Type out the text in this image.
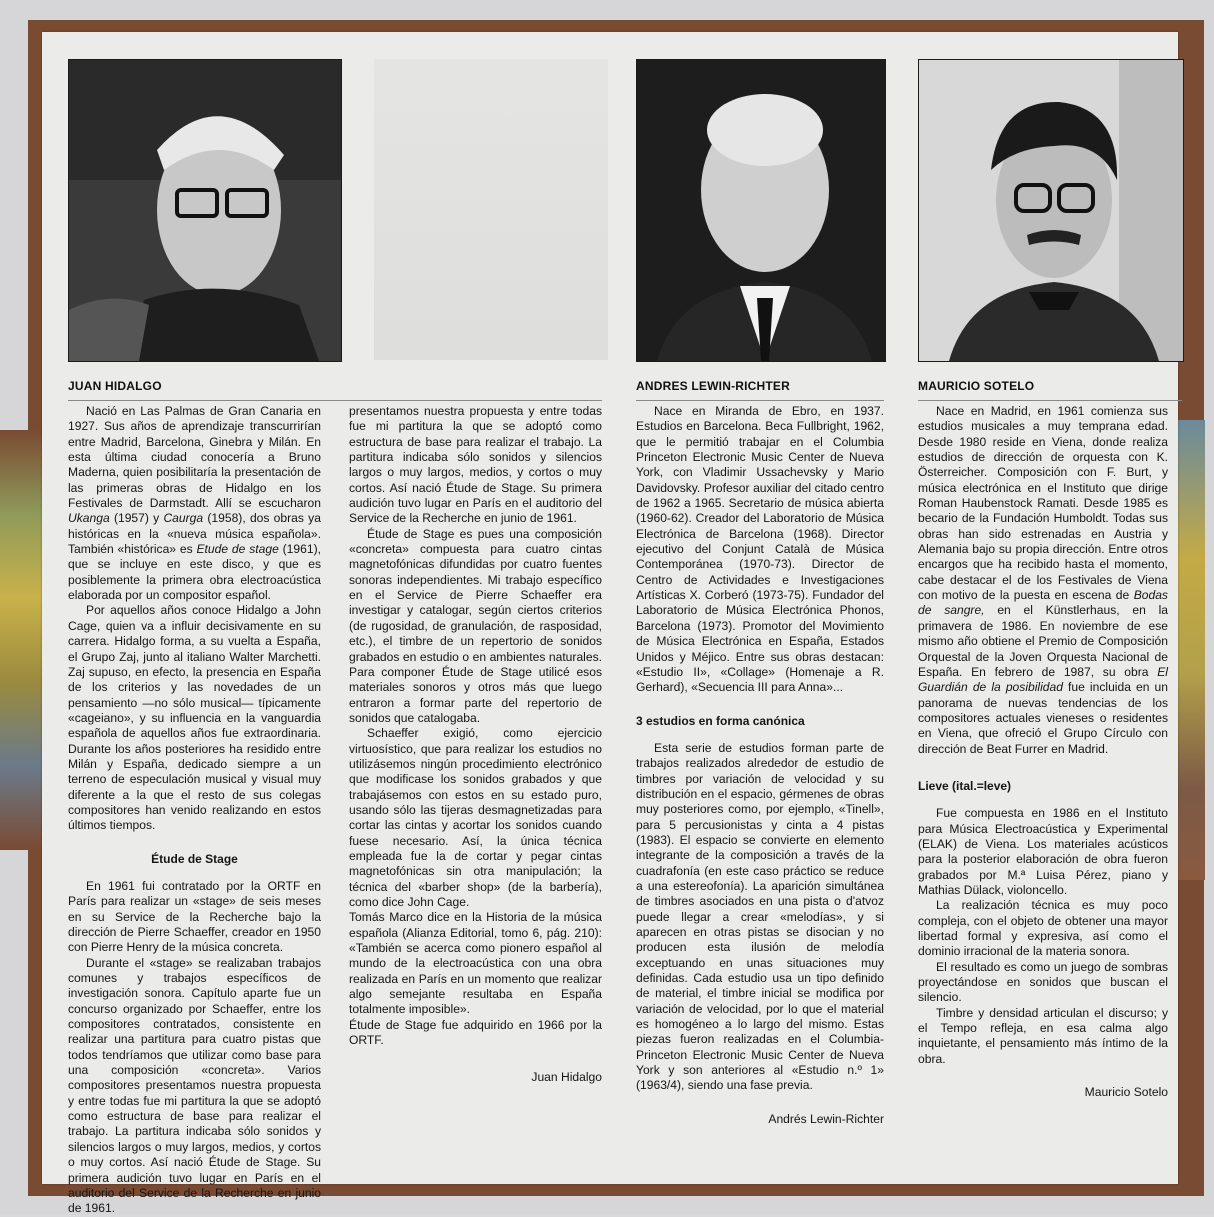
JUAN HIDALGO	ANDRES LEWIN-RICHTER	MAURICIO SOTELO

Nació en Las Palmas de Gran Canaria en 1927. Sus años de aprendizaje transcurrirían entre Madrid, Barcelona, Ginebra y Milán. En esta última ciudad conocería a Bruno Maderna, quien posibilitaría la presentación de las primeras obras de Hidalgo en los Festivales de Darmstadt. Allí se escucharon Ukanga (1957) y Caurga (1958), dos obras ya históricas en la «nueva música española». También «histórica» es Etude de stage (1961), que se incluye en este disco, y que es posiblemente la primera obra electroacústica elaborada por un compositor español.

Por aquellos años conoce Hidalgo a John Cage, quien va a influir decisivamente en su carrera. Hidalgo forma, a su vuelta a España, el Grupo Zaj, junto al italiano Walter Marchetti. Zaj supuso, en efecto, la presencia en España de los criterios y las novedades de un pensamiento —no sólo musical— típicamente «cageiano», y su influencia en la vanguardia española de aquellos años fue extraordinaria. Durante los años posteriores ha residido entre Milán y España, dedicado siempre a un terreno de especulación musical y visual muy diferente a la que el resto de sus colegas compositores han venido realizando en estos últimos tiempos.

Étude de Stage

En 1961 fui contratado por la ORTF en París para realizar un «stage» de seis meses en su Service de la Recherche bajo la dirección de Pierre Schaeffer, creador en 1950 con Pierre Henry de la música concreta.

Durante el «stage» se realizaban trabajos comunes y trabajos específicos de investigación sonora. Capítulo aparte fue un concurso organizado por Schaeffer, entre los compositores contratados, consistente en realizar una partitura para cuatro pistas que todos tendríamos que utilizar como base para una composición «concreta». Varios compositores presentamos nuestra propuesta y entre todas fue mi partitura la que se adoptó como estructura de base para realizar el trabajo. La partitura indicaba sólo sonidos y silencios largos o muy largos, medios, y cortos o muy cortos. Así nació Étude de Stage. Su primera audición tuvo lugar en París en el auditorio del Service de la Recherche en junio de 1961.

presentamos nuestra propuesta y entre todas fue mi partitura la que se adoptó como estructura de base para realizar el trabajo. La partitura indicaba sólo sonidos y silencios largos o muy largos, medios, y cortos o muy cortos. Así nació Étude de Stage. Su primera audición tuvo lugar en París en el auditorio del Service de la Recherche en junio de 1961.

Étude de Stage es pues una composición «concreta» compuesta para cuatro cintas magnetofónicas difundidas por cuatro fuentes sonoras independientes. Mi trabajo específico en el Service de Pierre Schaeffer era investigar y catalogar, según ciertos criterios (de rugosidad, de granulación, de rasposidad, etc.), el timbre de un repertorio de sonidos grabados en estudio o en ambientes naturales. Para componer Étude de Stage utilicé esos materiales sonoros y otros más que luego entraron a formar parte del repertorio de sonidos que catalogaba.

Schaeffer exigió, como ejercicio virtuosístico, que para realizar los estudios no utilizásemos ningún procedimiento electrónico que modificase los sonidos grabados y que trabajásemos con estos en su estado puro, usando sólo las tijeras desmagnetizadas para cortar las cintas y acortar los sonidos cuando fuese necesario. Así, la única técnica empleada fue la de cortar y pegar cintas magnetofónicas sin otra manipulación; la técnica del «barber shop» (de la barbería), como dice John Cage.

Tomás Marco dice en la Historia de la música española (Alianza Editorial, tomo 6, pág. 210): «También se acerca como pionero español al mundo de la electroacústica con una obra realizada en París en un momento que realizar algo semejante resultaba en España totalmente imposible».

Étude de Stage fue adquirido en 1966 por la ORTF.

Juan Hidalgo

Nace en Miranda de Ebro, en 1937. Estudios en Barcelona. Beca Fullbright, 1962, que le permitió trabajar en el Columbia Princeton Electronic Music Center de Nueva York, con Vladimir Ussachevsky y Mario Davidovsky. Profesor auxiliar del citado centro de 1962 a 1965. Secretario de música abierta (1960-62). Creador del Laboratorio de Música Electrónica de Barcelona (1968). Director ejecutivo del Conjunt Català de Música Contemporánea (1970-73). Director de Centro de Actividades e Investigaciones Artísticas X. Corberó (1973-75). Fundador del Laboratorio de Música Electrónica Phonos, Barcelona (1973). Promotor del Movimiento de Música Electrónica en España, Estados Unidos y Méjico. Entre sus obras destacan: «Estudio II», «Collage» (Homenaje a R. Gerhard), «Secuencia III para Anna»...

3 estudios en forma canónica

Esta serie de estudios forman parte de trabajos realizados alrededor de estudio de timbres por variación de velocidad y su distribución en el espacio, gérmenes de obras muy posteriores como, por ejemplo, «Tinell», para 5 percusionistas y cinta a 4 pistas (1983). El espacio se convierte en elemento integrante de la composición a través de la cuadrafonía (en este caso práctico se reduce a una estereofonía). La aparición simultánea de timbres asociados en una pista o d'atvoz puede llegar a crear «melodías», y si aparecen en otras pistas se disocian y no producen esta ilusión de melodía exceptuando en unas situaciones muy definidas. Cada estudio usa un tipo definido de material, el timbre inicial se modifica por variación de velocidad, por lo que el material es homogéneo a lo largo del mismo. Estas piezas fueron realizadas en el Columbia-Princeton Electronic Music Center de Nueva York y son anteriores al «Estudio n.º 1» (1963/4), siendo una fase previa.

Andrés Lewin-Richter

Nace en Madrid, en 1961 comienza sus estudios musicales a muy temprana edad. Desde 1980 reside en Viena, donde realiza estudios de dirección de orquesta con K. Österreicher. Composición con F. Burt, y música electrónica en el Instituto que dirige Roman Haubenstock Ramati. Desde 1985 es becario de la Fundación Humboldt. Todas sus obras han sido estrenadas en Austria y Alemania bajo su propia dirección. Entre otros encargos que ha recibido hasta el momento, cabe destacar el de los Festivales de Viena con motivo de la puesta en escena de Bodas de sangre, en el Künstlerhaus, en la primavera de 1986. En noviembre de ese mismo año obtiene el Premio de Composición Orquestal de la Joven Orquesta Nacional de España. En febrero de 1987, su obra El Guardián de la posibilidad fue incluida en un panorama de nuevas tendencias de los compositores actuales vieneses o residentes en Viena, que ofreció el Grupo Círculo con dirección de Beat Furrer en Madrid.

Lieve (ital.=leve)

Fue compuesta en 1986 en el Instituto para Música Electroacústica y Experimental (ELAK) de Viena. Los materiales acústicos para la posterior elaboración de obra fueron grabados por M.ª Luisa Pérez, piano y Mathias Dülack, violoncello.

La realización técnica es muy poco compleja, con el objeto de obtener una mayor libertad formal y expresiva, así como el dominio irracional de la materia sonora.

El resultado es como un juego de sombras proyectándose en sonidos que buscan el silencio.

Timbre y densidad articulan el discurso; y el Tempo refleja, en esa calma algo inquietante, el pensamiento más íntimo de la obra.

Mauricio Sotelo
